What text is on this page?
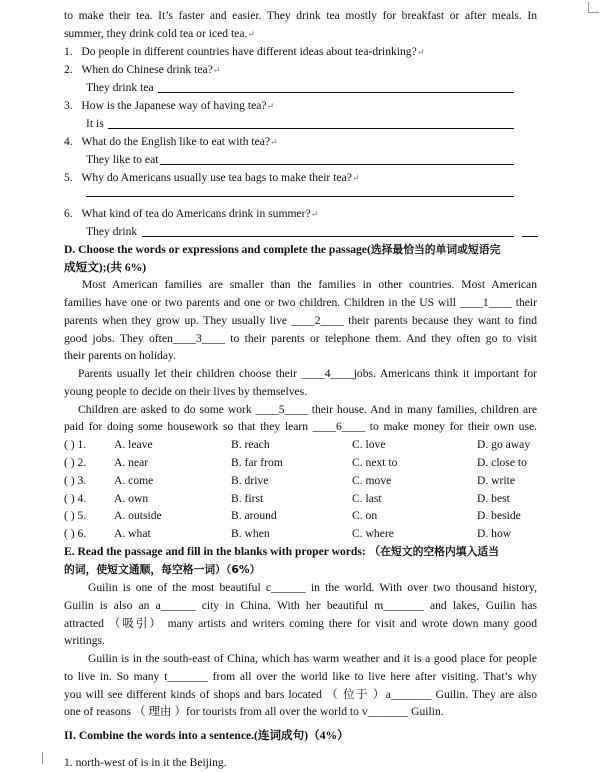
to make their tea. It’s faster and easier. They drink tea mostly for breakfast or after meals. In
summer, they drink cold tea or iced tea.↵
1. Do people in different countries have different ideas about tea-drinking?↵
2. When do Chinese drink tea?↵
They drink tea
3. How is the Japanese way of having tea?↵
It is
4. What do the English like to eat with tea?↵
They like to eat
5. Why do Americans usually use tea bags to make their tea?↵
6. What kind of tea do Americans drink in summer?↵
They drink
D. Choose the words or expressions and complete the passage(选择最恰当的单词或短语完
成短文);(共 6%)
Most American families are smaller than the families in other countries. Most American
families have one or two parents and one or two children. Children in the US will ____1____ their
parents when they grow up. They usually live ____2____ their parents because they want to find
good jobs. They often____3____ to their parents or telephone them. And they often go to visit
their parents on holiday.
Parents usually let their children choose their ____4____jobs. Americans think it important for
young people to decide on their lives by themselves.
Children are asked to do some work ____5____ their house. And in many families, children are
paid for doing some housework so that they learn ____6____ to make money for their own use.
( ) 1. A. leave	B. reach	C. love	D. go away
( ) 2. A. near	B. far from	C. next to	D. close to
( ) 3. A. come	B. drive	C. move	D. write
( ) 4. A. own	B. first	C. last	D. best
( ) 5. A. outside	B. around	C. on	D. beside
( ) 6. A. what	B. when	C. where	D. how
E. Read the passage and fill in the blanks with proper words: （在短文的空格内填入适当
的词，使短文通顺，每空格一词）（6%）
Guilin is one of the most beautiful c______ in the world. With over two thousand history,
Guilin is also an a______ city in China. With her beautiful m_______ and lakes, Guilin has
attracted （吸引） many artists and writers coming there for visit and wrote down many good
writings.
Guilin is in the south-east of China, which has warm weather and it is a good place for people
to live in. So many t_______ from all over the world like to live here after visiting. That’s why
you will see different kinds of shops and bars located （ 位于 ）a_______ Guilin. They are also
one of reasons （ 理由 ）for tourists from all over the world to v_______ Guilin.
II. Combine the words into a sentence.(连词成句)（4%）
1. north-west of is in it the Beijing.
